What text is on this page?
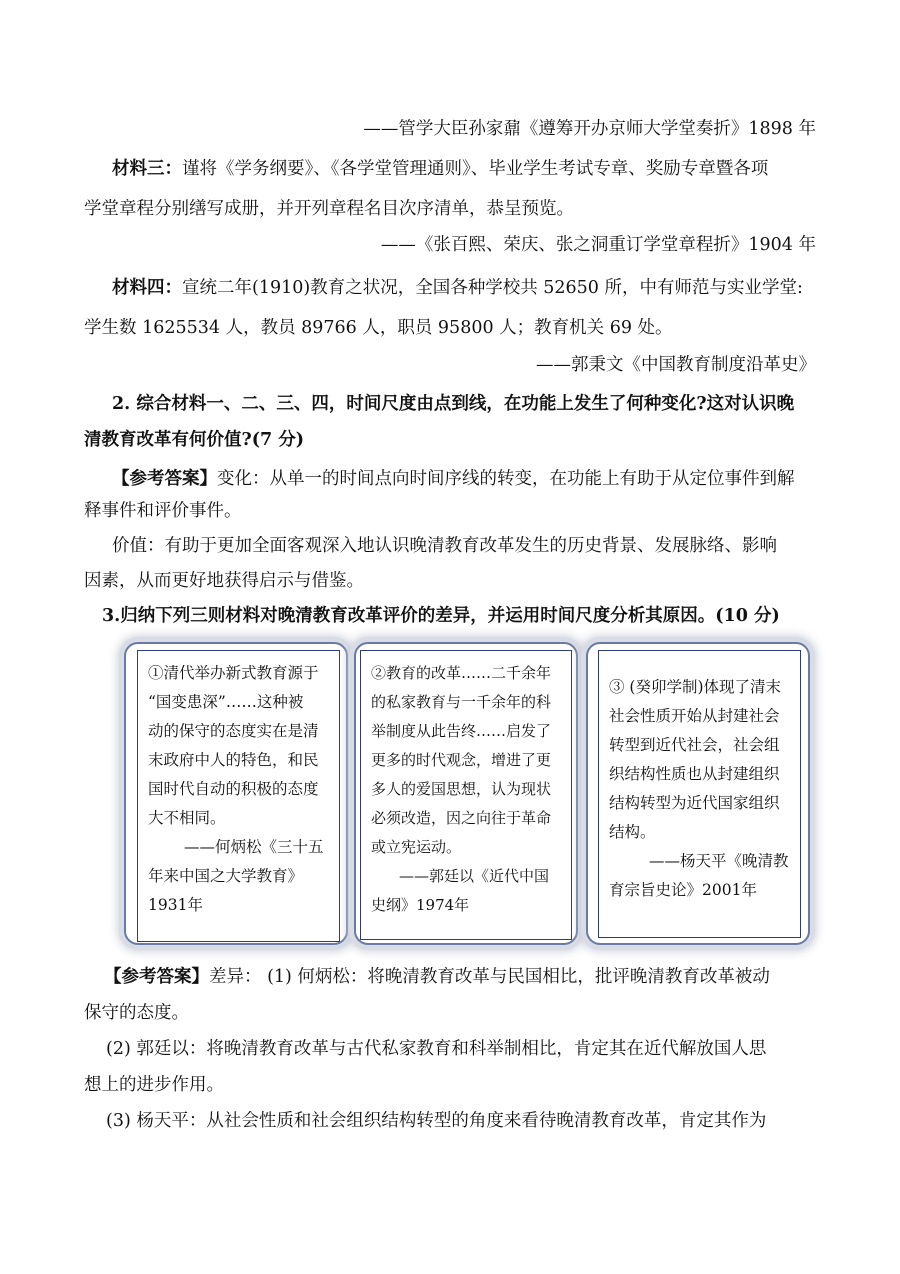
——管学大臣孙家鼐《遵筹开办京师大学堂奏折》1898 年
材料三：谨将《学务纲要》、《各学堂管理通则》、毕业学生考试专章、奖励专章暨各项
学堂章程分别缮写成册，并开列章程名目次序清单，恭呈预览。
——《张百熙、荣庆、张之洞重订学堂章程折》1904 年
材料四：宣统二年(1910)教育之状况，全国各种学校共 52650 所，中有师范与实业学堂:
学生数 1625534 人，教员 89766 人，职员 95800 人；教育机关 69 处。
——郭秉文《中国教育制度沿革史》
2. 综合材料一、二、三、四，时间尺度由点到线，在功能上发生了何种变化?这对认识晚
清教育改革有何价值?(7 分)
【参考答案】变化：从单一的时间点向时间序线的转变，在功能上有助于从定位事件到解
释事件和评价事件。
价值：有助于更加全面客观深入地认识晚清教育改革发生的历史背景、发展脉络、影响
因素，从而更好地获得启示与借鉴。
3.归纳下列三则材料对晚清教育改革评价的差异，并运用时间尺度分析其原因。(10 分)
①清代举办新式教育源于
“国变患深”……这种被
动的保守的态度实在是清
末政府中人的特色，和民
国时代自动的积极的态度
大不相同。
——何炳松《三十五
年来中国之大学教育》
1931年
②教育的改革……二千余年
的私家教育与一千余年的科
举制度从此告终……启发了
更多的时代观念，增进了更
多人的爱国思想，认为现状
必须改造，因之向往于革命
或立宪运动。
——郭廷以《近代中国
史纲》1974年
③ (癸卯学制)体现了清末
社会性质开始从封建社会
转型到近代社会，社会组
织结构性质也从封建组织
结构转型为近代国家组织
结构。
——杨天平《晚清教
育宗旨史论》2001年
【参考答案】差异： (1) 何炳松：将晚清教育改革与民国相比，批评晚清教育改革被动
保守的态度。
(2) 郭廷以：将晚清教育改革与古代私家教育和科举制相比，肯定其在近代解放国人思
想上的进步作用。
(3) 杨天平：从社会性质和社会组织结构转型的角度来看待晚清教育改革，肯定其作为
